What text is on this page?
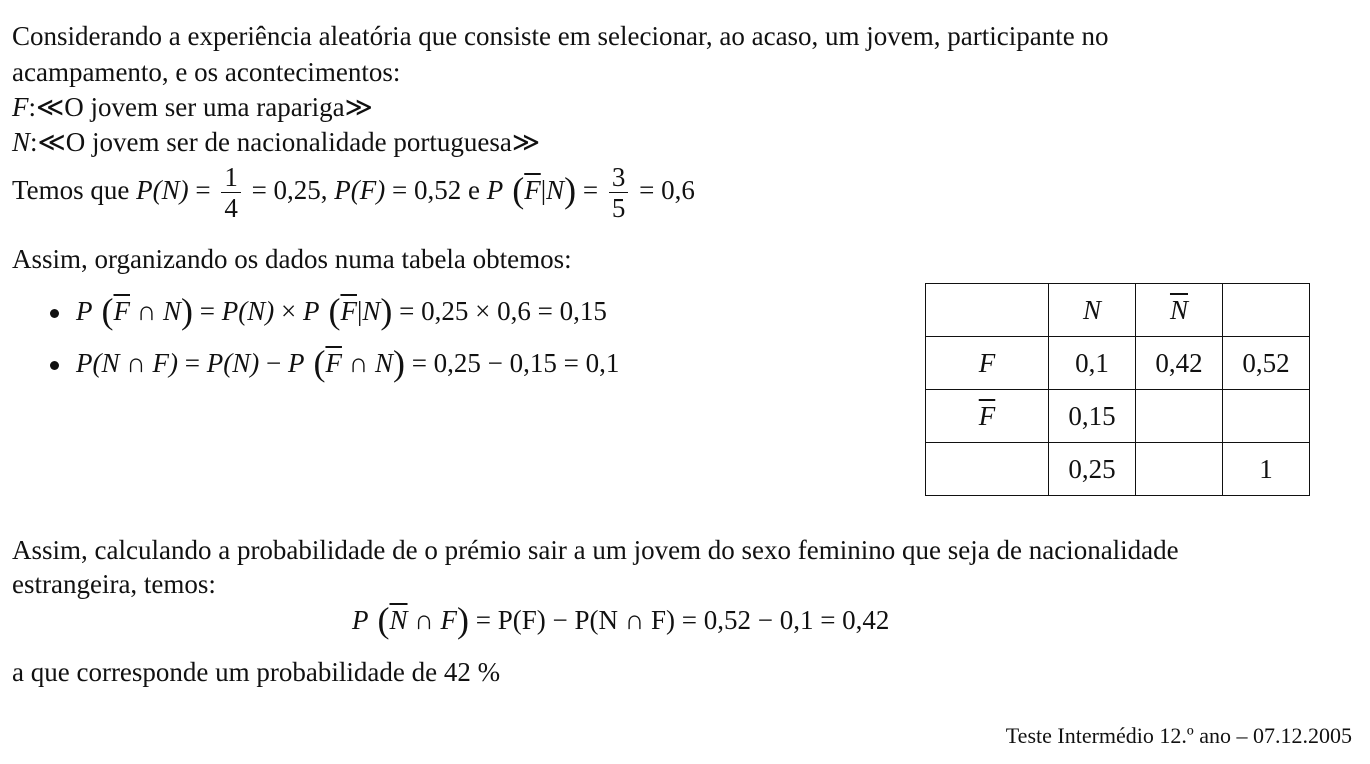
Considerando a experiência aleatória que consiste em selecionar, ao acaso, um jovem, participante no
acampamento, e os acontecimentos:
F:≪O jovem ser uma rapariga≫
N:≪O jovem ser de nacionalidade portuguesa≫
Temos que $P(N) = \frac{1}{4} = 0,25$, P(F) = 0,52 e P $(\overline{F}|N) = \frac{3}{5} = 0,6$
Assim, organizando os dados numa tabela obtemos:
P ($\overline{F}$ ∩ N) = P(N) × P $(\overline{F}|N) = 0,25 \times 0,6 = 0,15$
P(N ∩ F) = P(N) − P ($\overline{F}$ ∩ N) = 0,25 − 0,15 = 0,1
	N	$\overline{N}$	
F	0,1	0,42	0,52
$\overline{F}$	0,15		
	0,25		1
Assim, calculando a probabilidade de o prémio sair a um jovem do sexo feminino que seja de nacionalidade
estrangeira, temos:
P ($\overline{N}$ ∩ F) = P(F) − P(N ∩ F) = 0,52 − 0,1 = 0,42
a que corresponde um probabilidade de 42 %
Teste Intermédio 12.º ano – 07.12.2005
